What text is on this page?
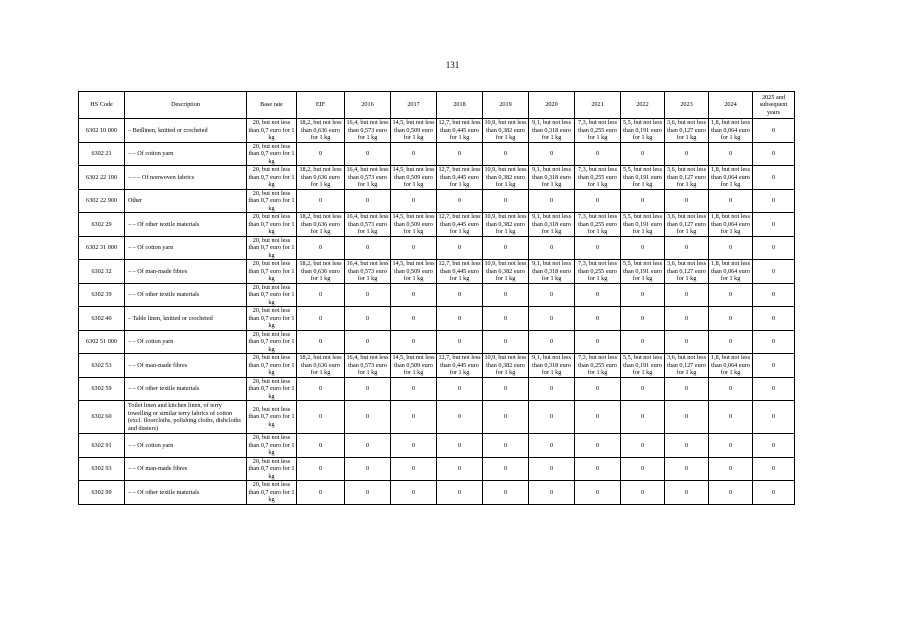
131
HS Code	Description	Base rate	EIF	2016	2017	2018	2019	2020	2021	2022	2023	2024	2025 and subsequent years
6302 10 000	– Bedlinen, knitted or crocheted	20, but not less than 0,7 euro for 1 kg	18,2, but not less than 0,636 euro for 1 kg	16,4, but not less than 0,573 euro for 1 kg	14,5, but not less than 0,509 euro for 1 kg	12,7, but not less than 0,445 euro for 1 kg	10,9, but not less than 0,382 euro for 1 kg	9,1, but not less than 0,318 euro for 1 kg	7,3, but not less than 0,255 euro for 1 kg	5,5, but not less than 0,191 euro for 1 kg	3,6, but not less than 0,127 euro for 1 kg	1,8, but not less than 0,064 euro for 1 kg	0
6302 21	– – Of cotton yarn	20, but not less than 0,7 euro for 1 kg	0	0	0	0	0	0	0	0	0	0	0
6302 22 100	– – – Of nonwoven fabrics	20, but not less than 0,7 euro for 1 kg	18,2, but not less than 0,636 euro for 1 kg	16,4, but not less than 0,573 euro for 1 kg	14,5, but not less than 0,509 euro for 1 kg	12,7, but not less than 0,445 euro for 1 kg	10,9, but not less than 0,382 euro for 1 kg	9,1, but not less than 0,318 euro for 1 kg	7,3, but not less than 0,255 euro for 1 kg	5,5, but not less than 0,191 euro for 1 kg	3,6, but not less than 0,127 euro for 1 kg	1,8, but not less than 0,064 euro for 1 kg	0
6302 22 900	Other	20, but not less than 0,7 euro for 1 kg	0	0	0	0	0	0	0	0	0	0	0
6302 29	– – Of other textile materials	20, but not less than 0,7 euro for 1 kg	18,2, but not less than 0,636 euro for 1 kg	16,4, but not less than 0,573 euro for 1 kg	14,5, but not less than 0,509 euro for 1 kg	12,7, but not less than 0,445 euro for 1 kg	10,9, but not less than 0,382 euro for 1 kg	9,1, but not less than 0,318 euro for 1 kg	7,3, but not less than 0,255 euro for 1 kg	5,5, but not less than 0,191 euro for 1 kg	3,6, but not less than 0,127 euro for 1 kg	1,8, but not less than 0,064 euro for 1 kg	0
6302 31 000	– – Of cotton yarn	20, but not less than 0,7 euro for 1 kg	0	0	0	0	0	0	0	0	0	0	0
6302 32	– – Of man-made fibres	20, but not less than 0,7 euro for 1 kg	18,2, but not less than 0,636 euro for 1 kg	16,4, but not less than 0,573 euro for 1 kg	14,5, but not less than 0,509 euro for 1 kg	12,7, but not less than 0,445 euro for 1 kg	10,9, but not less than 0,382 euro for 1 kg	9,1, but not less than 0,318 euro for 1 kg	7,3, but not less than 0,255 euro for 1 kg	5,5, but not less than 0,191 euro for 1 kg	3,6, but not less than 0,127 euro for 1 kg	1,8, but not less than 0,064 euro for 1 kg	0
6302 39	– – Of other textile materials	20, but not less than 0,7 euro for 1 kg	0	0	0	0	0	0	0	0	0	0	0
6302 40	– Table linen, knitted or crocheted	20, but not less than 0,7 euro for 1 kg	0	0	0	0	0	0	0	0	0	0	0
6302 51 000	– – Of cotton yarn	20, but not less than 0,7 euro for 1 kg	0	0	0	0	0	0	0	0	0	0	0
6302 53	– – Of man-made fibres	20, but not less than 0,7 euro for 1 kg	18,2, but not less than 0,636 euro for 1 kg	16,4, but not less than 0,573 euro for 1 kg	14,5, but not less than 0,509 euro for 1 kg	12,7, but not less than 0,445 euro for 1 kg	10,9, but not less than 0,382 euro for 1 kg	9,1, but not less than 0,318 euro for 1 kg	7,3, but not less than 0,255 euro for 1 kg	5,5, but not less than 0,191 euro for 1 kg	3,6, but not less than 0,127 euro for 1 kg	1,8, but not less than 0,064 euro for 1 kg	0
6302 59	– – Of other textile materials	20, but not less than 0,7 euro for 1 kg	0	0	0	0	0	0	0	0	0	0	0
6302 60	Toilet linen and kitchen linen, of terry towelling or similar terry fabrics of cotton (excl. floorcloths, polishing cloths, dishcloths and dusters)	20, but not less than 0,7 euro for 1 kg	0	0	0	0	0	0	0	0	0	0	0
6302 91	– – Of cotton yarn	20, but not less than 0,7 euro for 1 kg	0	0	0	0	0	0	0	0	0	0	0
6302 93	– – Of man-made fibres	20, but not less than 0,7 euro for 1 kg	0	0	0	0	0	0	0	0	0	0	0
6302 99	– – Of other textile materials	20, but not less than 0,7 euro for 1 kg	0	0	0	0	0	0	0	0	0	0	0
